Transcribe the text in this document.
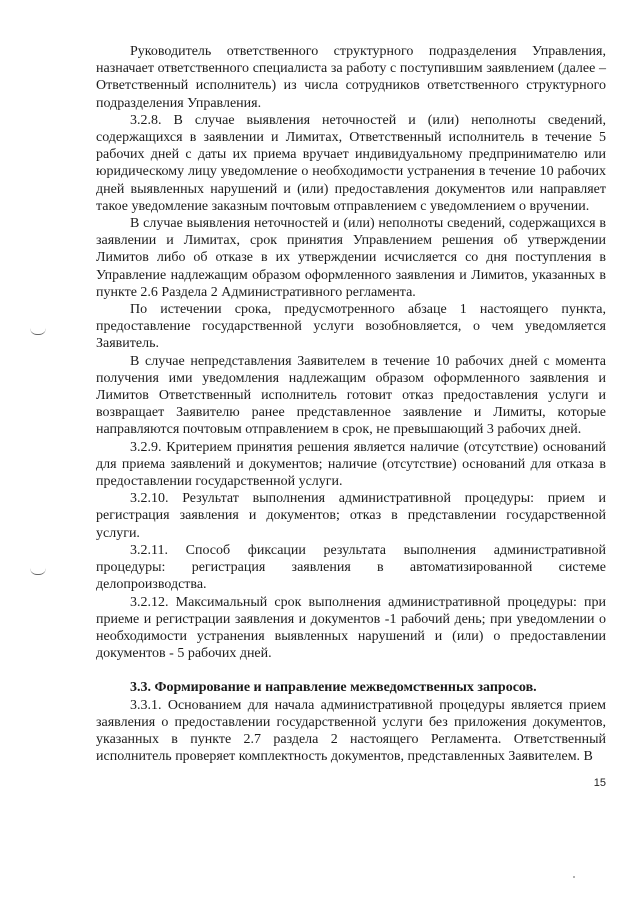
Руководитель ответственного структурного подразделения Управления, назначает ответственного специалиста за работу с поступившим заявлением (далее – Ответственный исполнитель) из числа сотрудников ответственного структурного подразделения Управления.

3.2.8. В случае выявления неточностей и (или) неполноты сведений, содержащихся в заявлении и Лимитах, Ответственный исполнитель в течение 5 рабочих дней с даты их приема вручает индивидуальному предпринимателю или юридическому лицу уведомление о необходимости устранения в течение 10 рабочих дней выявленных нарушений и (или) предоставления документов или направляет такое уведомление заказным почтовым отправлением с уведомлением о вручении.

В случае выявления неточностей и (или) неполноты сведений, содержащихся в заявлении и Лимитах, срок принятия Управлением решения об утверждении Лимитов либо об отказе в их утверждении исчисляется со дня поступления в Управление надлежащим образом оформленного заявления и Лимитов, указанных в пункте 2.6 Раздела 2 Административного регламента.

По истечении срока, предусмотренного абзаце 1 настоящего пункта, предоставление государственной услуги возобновляется, о чем уведомляется Заявитель.

В случае непредставления Заявителем в течение 10 рабочих дней с момента получения ими уведомления надлежащим образом оформленного заявления и Лимитов Ответственный исполнитель готовит отказ предоставления услуги и возвращает Заявителю ранее представленное заявление и Лимиты, которые направляются почтовым отправлением в срок, не превышающий 3 рабочих дней.

3.2.9. Критерием принятия решения является наличие (отсутствие) оснований для приема заявлений и документов; наличие (отсутствие) оснований для отказа в предоставлении государственной услуги.

3.2.10. Результат выполнения административной процедуры: прием и регистрация заявления и документов; отказ в представлении государственной услуги.

3.2.11. Способ фиксации результата выполнения административной процедуры: регистрация заявления в автоматизированной системе делопроизводства.

3.2.12. Максимальный срок выполнения административной процедуры: при приеме и регистрации заявления и документов -1 рабочий день; при уведомлении о необходимости устранения выявленных нарушений и (или) о предоставлении документов - 5 рабочих дней.

3.3. Формирование и направление межведомственных запросов.

3.3.1. Основанием для начала административной процедуры является прием заявления о предоставлении государственной услуги без приложения документов, указанных в пункте 2.7 раздела 2 настоящего Регламента. Ответственный исполнитель проверяет комплектность документов, представленных Заявителем. В

15
